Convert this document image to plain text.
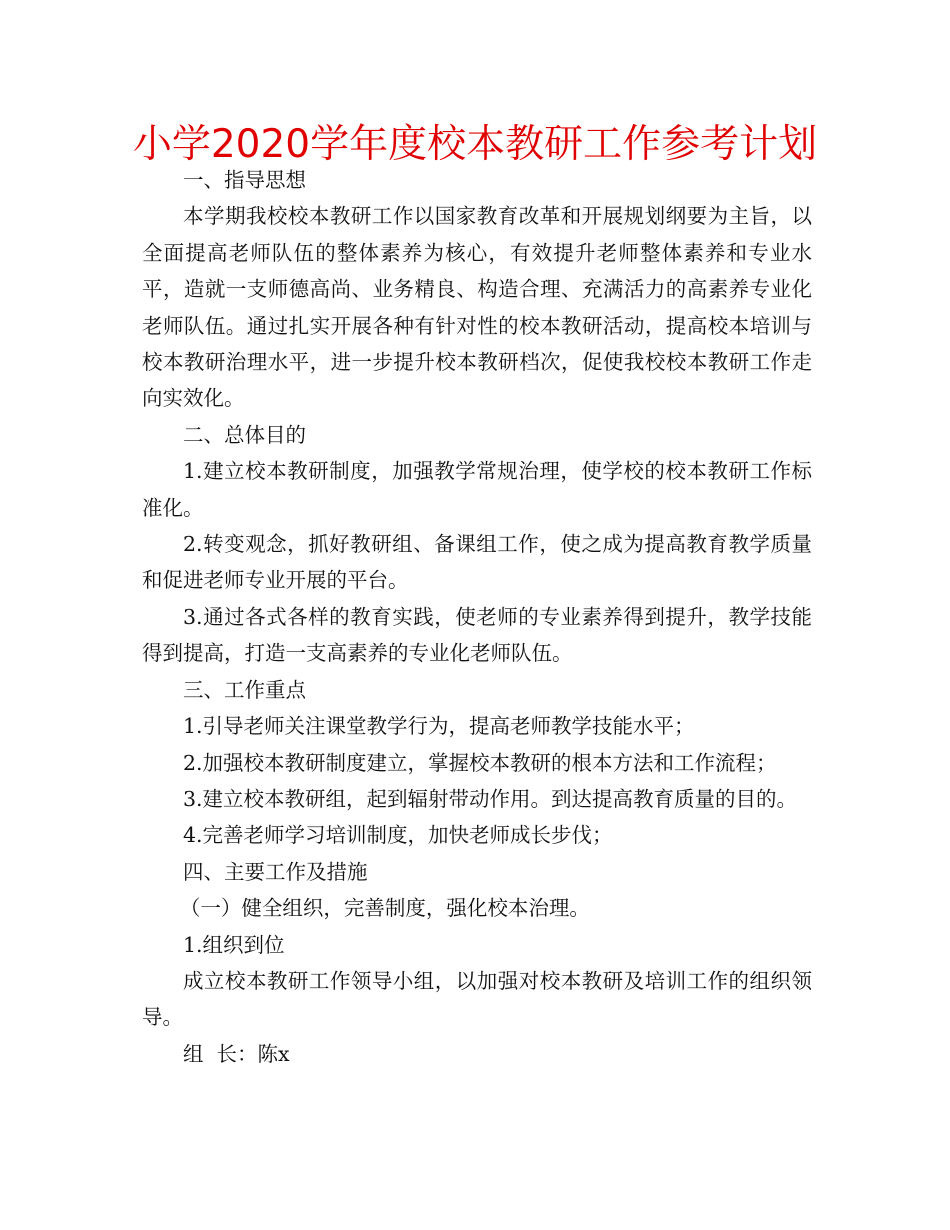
小学2020学年度校本教研工作参考计划

一、指导思想

本学期我校校本教研工作以国家教育改革和开展规划纲要为主旨，以全面提高老师队伍的整体素养为核心，有效提升老师整体素养和专业水平，造就一支师德高尚、业务精良、构造合理、充满活力的高素养专业化老师队伍。通过扎实开展各种有针对性的校本教研活动，提高校本培训与校本教研治理水平，进一步提升校本教研档次，促使我校校本教研工作走向实效化。

二、总体目的

1.建立校本教研制度，加强教学常规治理，使学校的校本教研工作标准化。

2.转变观念，抓好教研组、备课组工作，使之成为提高教育教学质量和促进老师专业开展的平台。

3.通过各式各样的教育实践，使老师的专业素养得到提升，教学技能得到提高，打造一支高素养的专业化老师队伍。

三、工作重点

1.引导老师关注课堂教学行为，提高老师教学技能水平；

2.加强校本教研制度建立，掌握校本教研的根本方法和工作流程；

3.建立校本教研组，起到辐射带动作用。到达提高教育质量的目的。

4.完善老师学习培训制度，加快老师成长步伐；

四、主要工作及措施

（一）健全组织，完善制度，强化校本治理。

1.组织到位

成立校本教研工作领导小组，以加强对校本教研及培训工作的组织领导。

组  长：陈x
